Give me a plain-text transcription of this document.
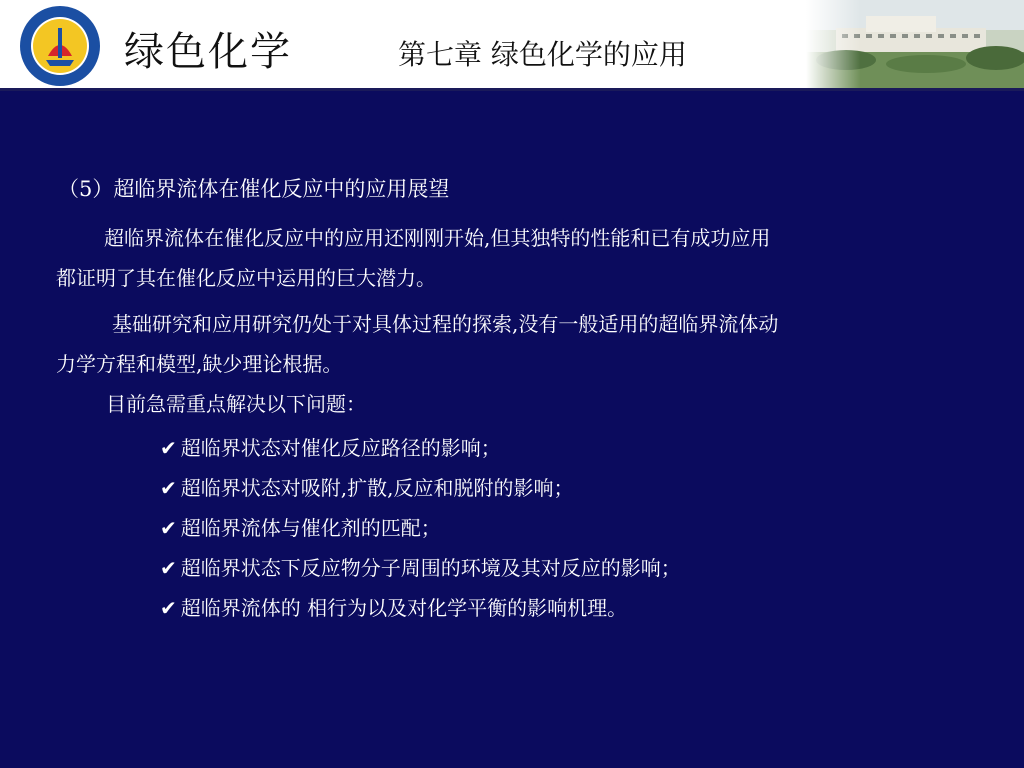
绿色化学	第七章 绿色化学的应用
（5）超临界流体在催化反应中的应用展望
超临界流体在催化反应中的应用还刚刚开始,但其独特的性能和已有成功应用
都证明了其在催化反应中运用的巨大潜力。
基础研究和应用研究仍处于对具体过程的探索,没有一般适用的超临界流体动
力学方程和模型,缺少理论根据。
目前急需重点解决以下问题：
✔ 超临界状态对催化反应路径的影响；
✔ 超临界状态对吸附,扩散,反应和脱附的影响；
✔ 超临界流体与催化剂的匹配；
✔ 超临界状态下反应物分子周围的环境及其对反应的影响；
✔ 超临界流体的 相行为以及对化学平衡的影响机理。
